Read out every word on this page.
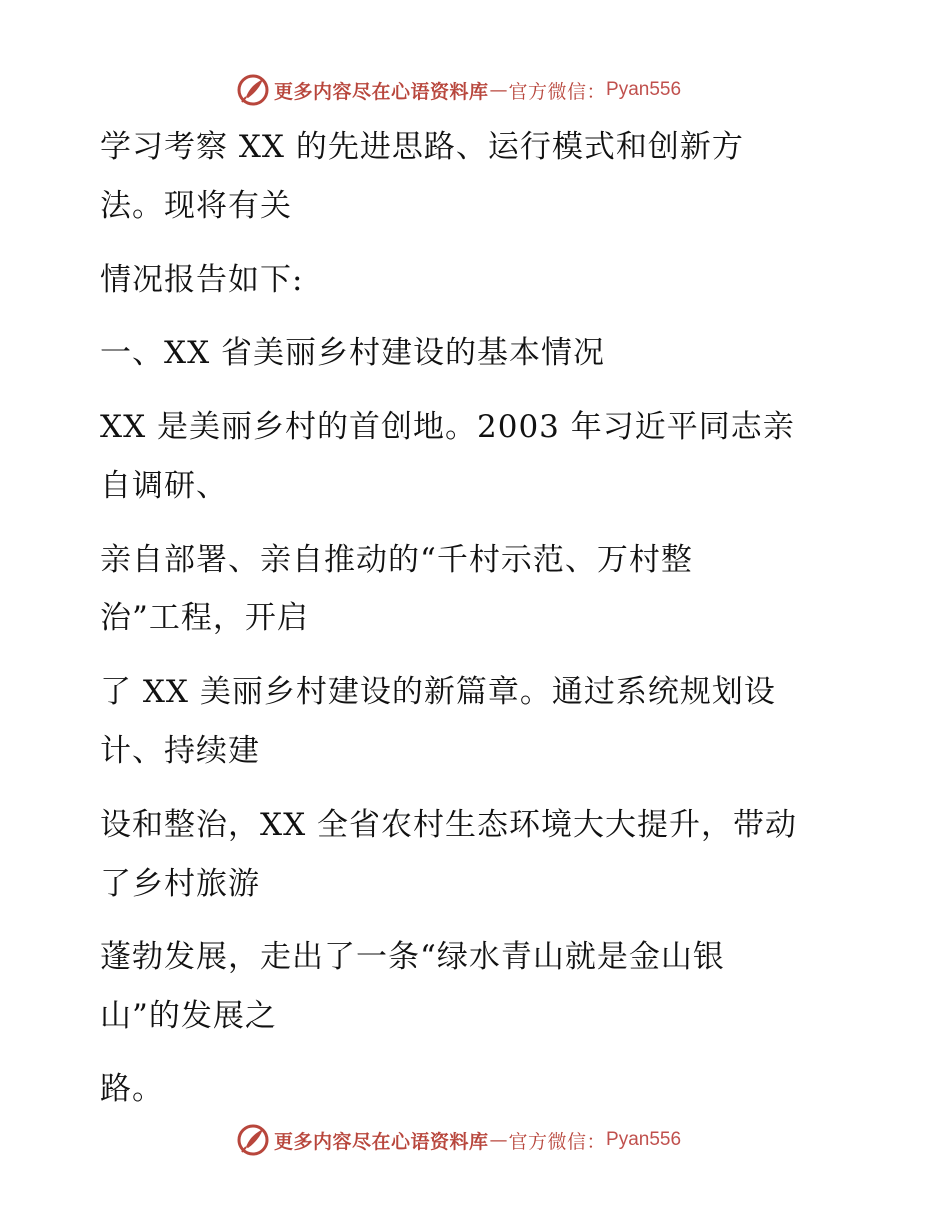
更多内容尽在心语资料库 — 官方微信： Pyan556
学习考察 XX 的先进思路、运行模式和创新方
法。现将有关
情况报告如下:
一、XX 省美丽乡村建设的基本情况
XX 是美丽乡村的首创地。2003 年习近平同志亲
自调研、
亲自部署、亲自推动的“千村示范、万村整
治”工程，开启
了 XX 美丽乡村建设的新篇章。通过系统规划设
计、持续建
设和整治，XX 全省农村生态环境大大提升，带动
了乡村旅游
蓬勃发展，走出了一条“绿水青山就是金山银
山”的发展之
路。
更多内容尽在心语资料库 — 官方微信： Pyan556
